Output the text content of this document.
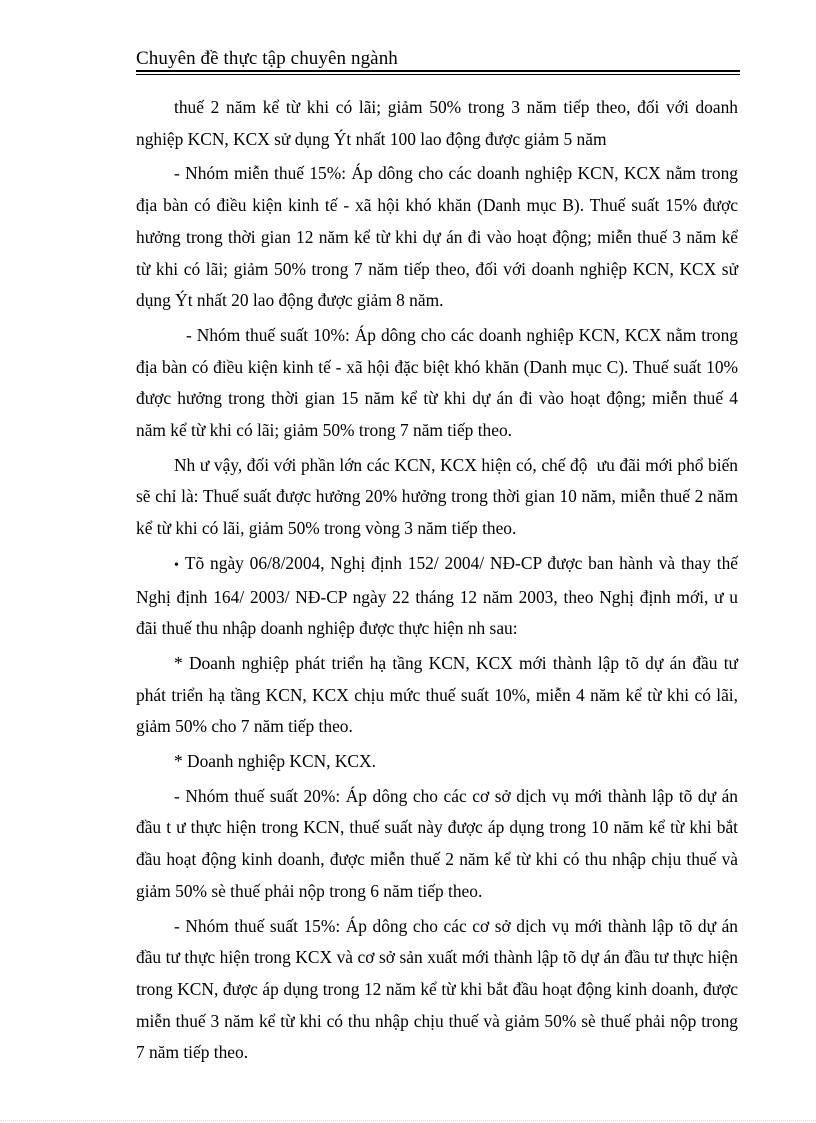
Chuyên đề thực tập chuyên ngành

thuế 2 năm kể từ khi có lãi; giảm 50% trong 3 năm tiếp theo, đối với doanh nghiệp KCN, KCX sử dụng Ýt nhất 100 lao động được giảm 5 năm

- Nhóm miễn thuế 15%: Áp dông cho các doanh nghiệp KCN, KCX nằm trong địa bàn có điều kiện kinh tế - xã hội khó khăn (Danh mục B). Thuế suất 15% được hưởng trong thời gian 12 năm kể từ khi dự án đi vào hoạt động; miễn thuế 3 năm kể từ khi có lãi; giảm 50% trong 7 năm tiếp theo, đối với doanh nghiệp KCN, KCX sử dụng Ýt nhất 20 lao động được giảm 8 năm.

- Nhóm thuế suất 10%: Áp dông cho các doanh nghiệp KCN, KCX nằm trong địa bàn có điều kiện kinh tế - xã hội đặc biệt khó khăn (Danh mục C). Thuế suất 10% được hưởng trong thời gian 15 năm kể từ khi dự án đi vào hoạt động; miễn thuế 4 năm kể từ khi có lãi; giảm 50% trong 7 năm tiếp theo.

Nh ư vậy, đối với phần lớn các KCN, KCX hiện có, chế độ ưu đãi mới phổ biến sẽ chỉ là: Thuế suất được hưởng 20% hưởng trong thời gian 10 năm, miễn thuế 2 năm kể từ khi có lãi, giảm 50% trong vòng 3 năm tiếp theo.

• Tõ ngày 06/8/2004, Nghị định 152/ 2004/ NĐ-CP được ban hành và thay thế Nghị định 164/ 2003/ NĐ-CP ngày 22 tháng 12 năm 2003, theo Nghị định mới, ư u đãi thuế thu nhập doanh nghiệp được thực hiện nh sau:

* Doanh nghiệp phát triển hạ tầng KCN, KCX mới thành lập tõ dự án đầu tư phát triển hạ tầng KCN, KCX chịu mức thuế suất 10%, miễn 4 năm kể từ khi có lãi, giảm 50% cho 7 năm tiếp theo.

* Doanh nghiệp KCN, KCX.

- Nhóm thuế suất 20%: Áp dông cho các cơ sở dịch vụ mới thành lập tõ dự án đầu t ư thực hiện trong KCN, thuế suất này được áp dụng trong 10 năm kể từ khi bắt đầu hoạt động kinh doanh, được miễn thuế 2 năm kể từ khi có thu nhập chịu thuế và giảm 50% sè thuế phải nộp trong 6 năm tiếp theo.

- Nhóm thuế suất 15%: Áp dông cho các cơ sở dịch vụ mới thành lập tõ dự án đầu tư thực hiện trong KCX và cơ sở sản xuất mới thành lập tõ dự án đầu tư thực hiện trong KCN, được áp dụng trong 12 năm kể từ khi bắt đầu hoạt động kinh doanh, được miễn thuế 3 năm kể từ khi có thu nhập chịu thuế và giảm 50% sè thuế phải nộp trong 7 năm tiếp theo.
